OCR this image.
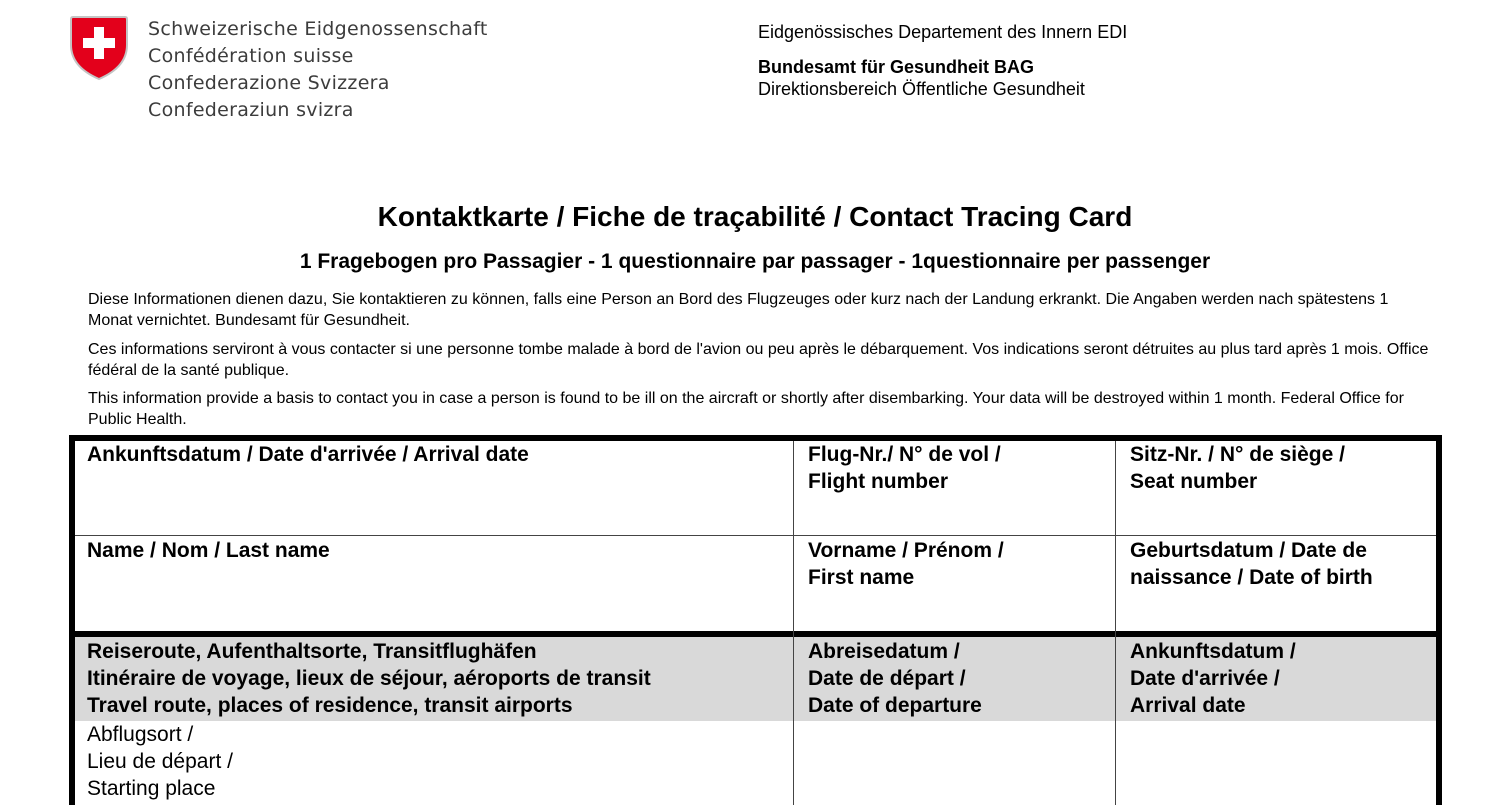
Schweizerische Eidgenossenschaft
Confédération suisse
Confederazione Svizzera
Confederaziun svizra
Eidgenössisches Departement des Innern EDI
Bundesamt für Gesundheit BAG
Direktionsbereich Öffentliche Gesundheit
Kontaktkarte / Fiche de traçabilité / Contact Tracing Card
1 Fragebogen pro Passagier - 1 questionnaire par passager - 1questionnaire per passenger

Diese Informationen dienen dazu, Sie kontaktieren zu können, falls eine Person an Bord des Flugzeuges oder kurz nach der Landung erkrankt. Die Angaben werden nach spätestens 1 Monat vernichtet. Bundesamt für Gesundheit.

Ces informations serviront à vous contacter si une personne tombe malade à bord de l'avion ou peu après le débarquement. Vos indications seront détruites au plus tard après 1 mois. Office fédéral de la santé publique.

This information provide a basis to contact you in case a person is found to be ill on the aircraft or shortly after disembarking. Your data will be destroyed within 1 month. Federal Office for Public Health.

Ankunftsdatum / Date d'arrivée / Arrival date	Flug-Nr./ N° de vol /
Flight number
Sitz-Nr. / N° de siège /
Seat number
Name / Nom / Last name	Vorname / Prénom /
First name
Geburtsdatum / Date de
naissance / Date of birth
Reiseroute, Aufenthaltsorte, Transitflughäfen
Itinéraire de voyage, lieux de séjour, aéroports de transit
Travel route, places of residence, transit airports
Abreisedatum /
Date de départ /
Date of departure
Ankunftsdatum /
Date d'arrivée /
Arrival date
Abflugsort /
Lieu de départ /
Starting place
